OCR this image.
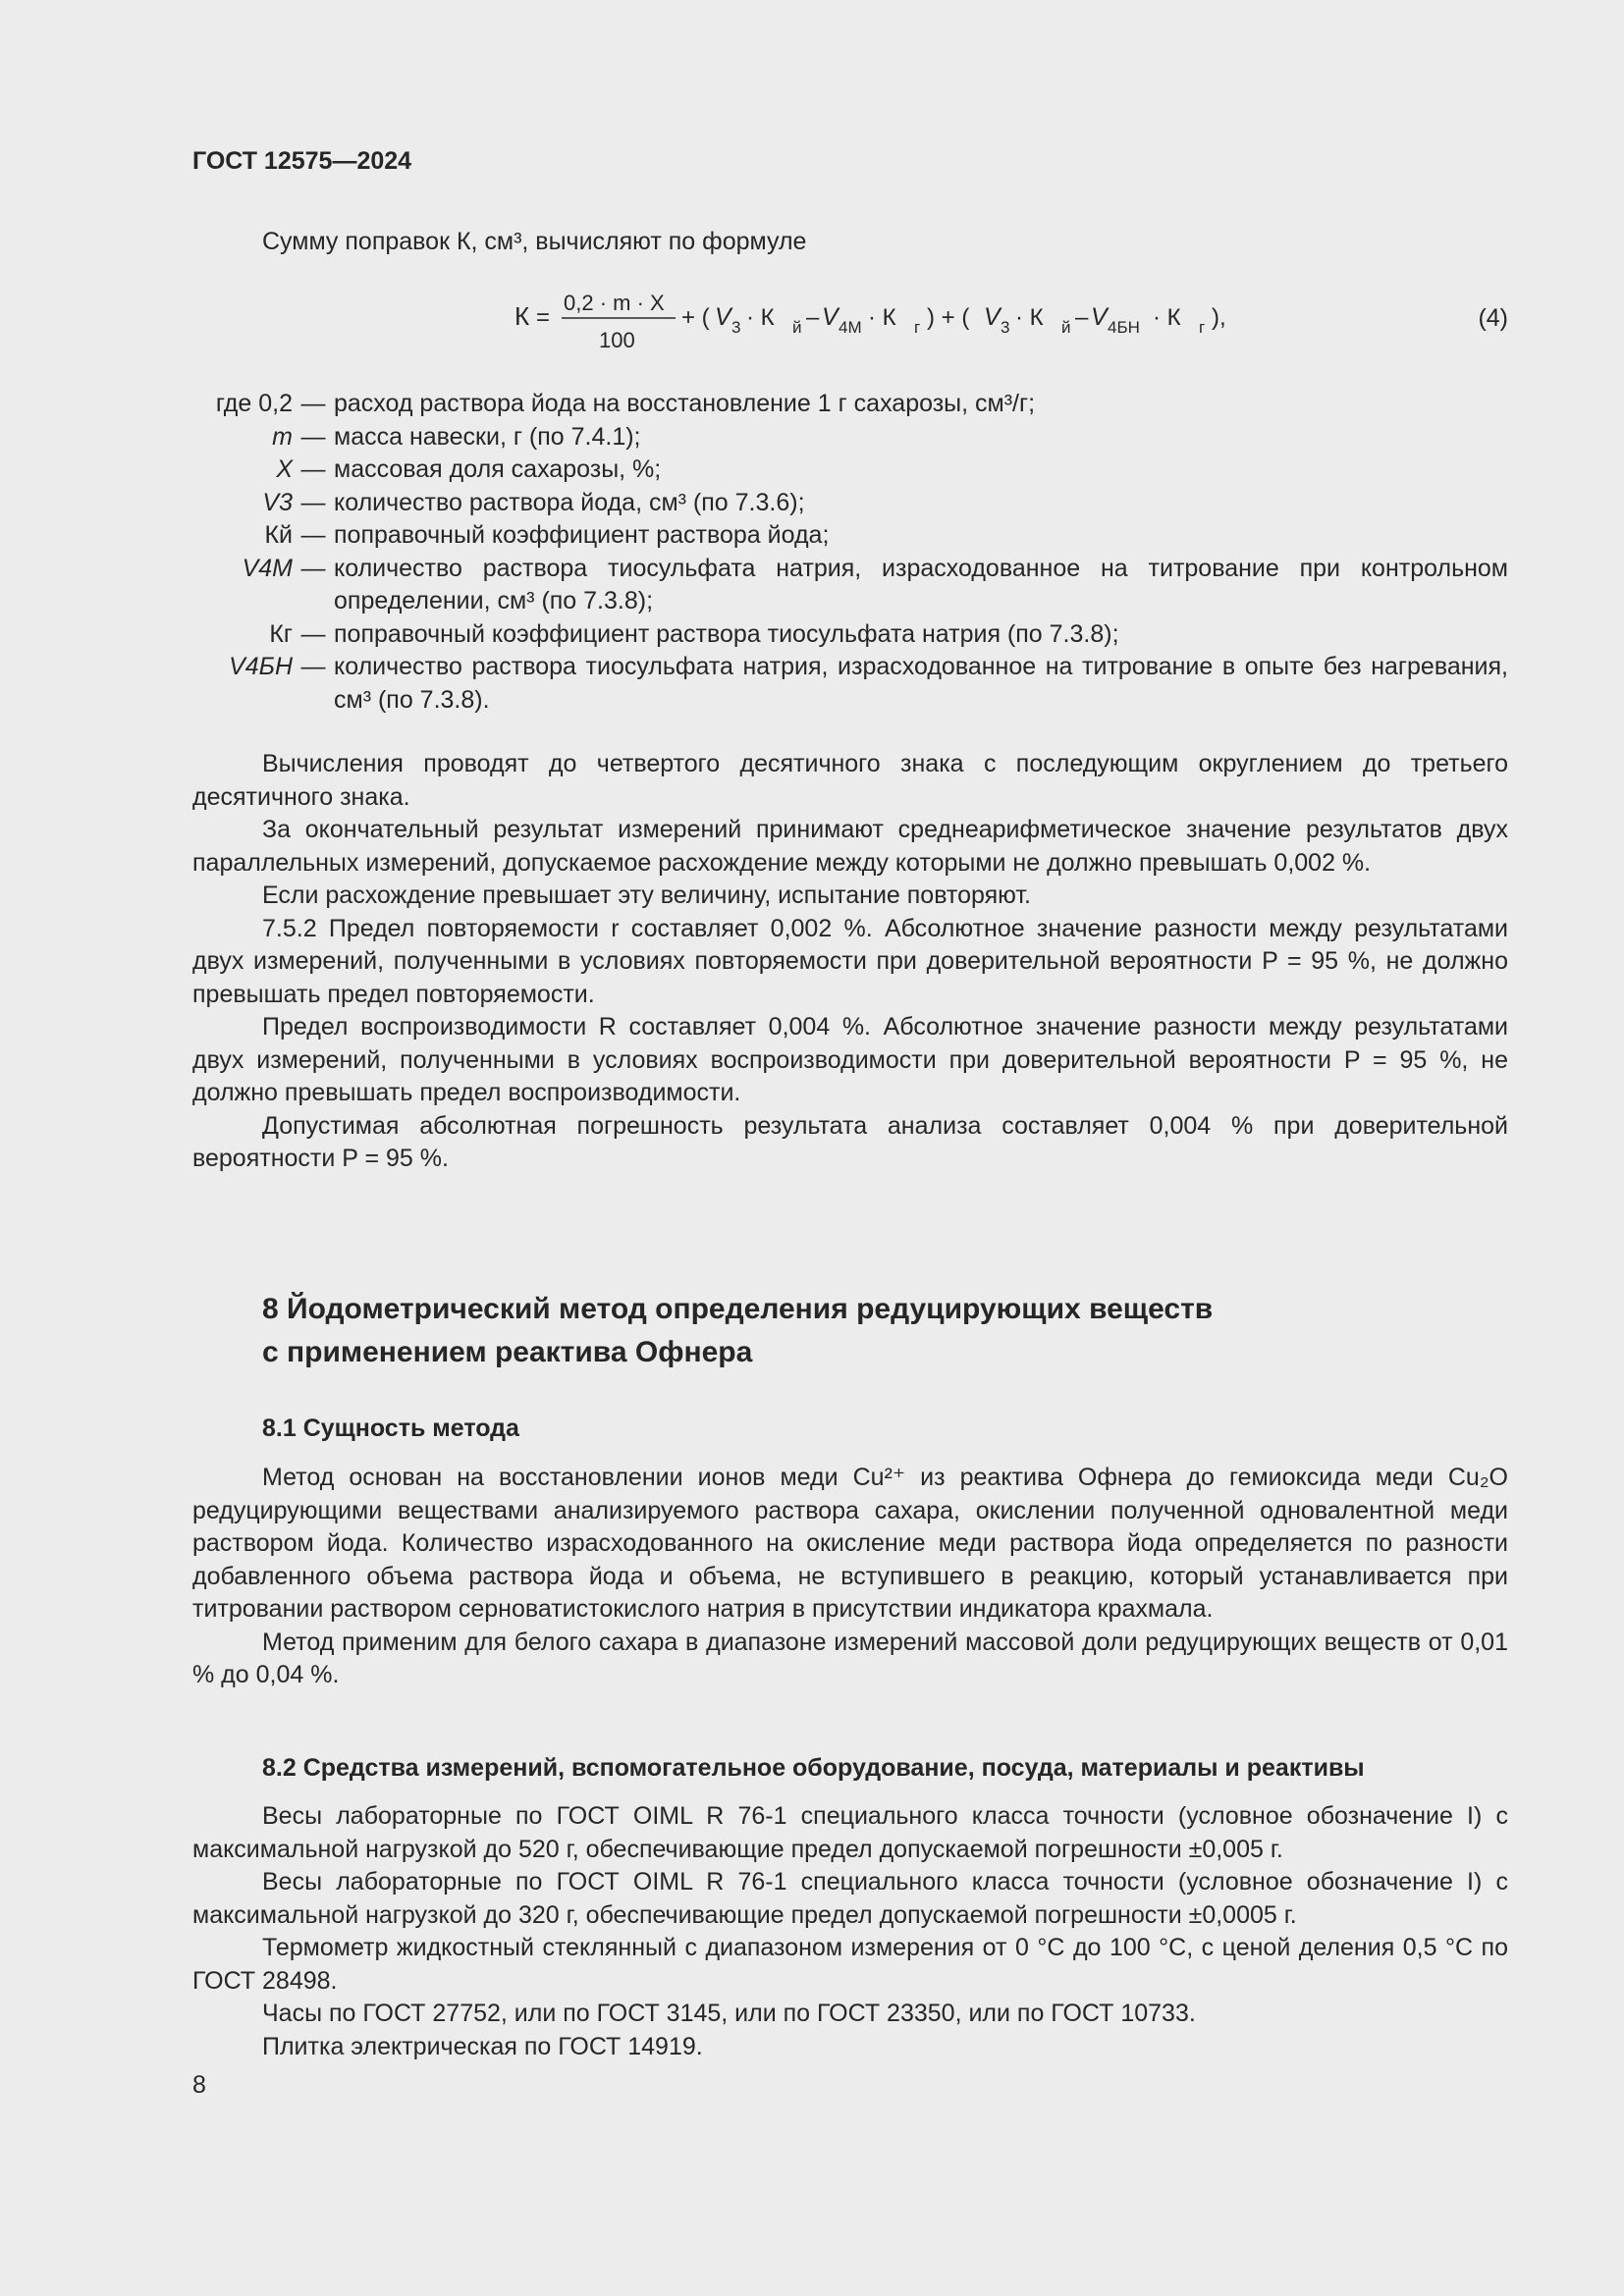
ГОСТ 12575—2024

Сумму поправок К, см³, вычисляют по формуле

К =
0,2 · m · X
100
+ ( V 3 · К й – V 4М · К г ) + ( V 3 · К й – V 4БН · К г ),	(4)
где 0,2 — расход раствора йода на восстановление 1 г сахарозы, см³/г;
m — масса навески, г (по 7.4.1);
X — массовая доля сахарозы, %;
V3 — количество раствора йода, см³ (по 7.3.6);
Кй — поправочный коэффициент раствора йода;
V4М — количество раствора тиосульфата натрия, израсходованное на титрование при контрольном определении, см³ (по 7.3.8);
Кг — поправочный коэффициент раствора тиосульфата натрия (по 7.3.8);
V4БН — количество раствора тиосульфата натрия, израсходованное на титрование в опыте без нагревания, см³ (по 7.3.8).

Вычисления проводят до четвертого десятичного знака с последующим округлением до третьего десятичного знака.

За окончательный результат измерений принимают среднеарифметическое значение результатов двух параллельных измерений, допускаемое расхождение между которыми не должно превышать 0,002 %.

Если расхождение превышает эту величину, испытание повторяют.

7.5.2 Предел повторяемости r составляет 0,002 %. Абсолютное значение разности между результатами двух измерений, полученными в условиях повторяемости при доверительной вероятности P = 95 %, не должно превышать предел повторяемости.

Предел воспроизводимости R составляет 0,004 %. Абсолютное значение разности между результатами двух измерений, полученными в условиях воспроизводимости при доверительной вероятности P = 95 %, не должно превышать предел воспроизводимости.

Допустимая абсолютная погрешность результата анализа составляет 0,004 % при доверительной вероятности P = 95 %.

8 Йодометрический метод определения редуцирующих веществ
с применением реактива Офнера
8.1 Сущность метода

Метод основан на восстановлении ионов меди Cu²⁺ из реактива Офнера до гемиоксида меди Cu₂O редуцирующими веществами анализируемого раствора сахара, окислении полученной одновалентной меди раствором йода. Количество израсходованного на окисление меди раствора йода определяется по разности добавленного объема раствора йода и объема, не вступившего в реакцию, который устанавливается при титровании раствором серноватистокислого натрия в присутствии индикатора крахмала.

Метод применим для белого сахара в диапазоне измерений массовой доли редуцирующих веществ от 0,01 % до 0,04 %.

8.2 Средства измерений, вспомогательное оборудование, посуда, материалы и реактивы

Весы лабораторные по ГОСТ OIML R 76-1 специального класса точности (условное обозначение I) с максимальной нагрузкой до 520 г, обеспечивающие предел допускаемой погрешности ±0,005 г.

Весы лабораторные по ГОСТ OIML R 76-1 специального класса точности (условное обозначение I) с максимальной нагрузкой до 320 г, обеспечивающие предел допускаемой погрешности ±0,0005 г.

Термометр жидкостный стеклянный с диапазоном измерения от 0 °С до 100 °С, с ценой деления 0,5 °С по ГОСТ 28498.

Часы по ГОСТ 27752, или по ГОСТ 3145, или по ГОСТ 23350, или по ГОСТ 10733.

Плитка электрическая по ГОСТ 14919.

8
